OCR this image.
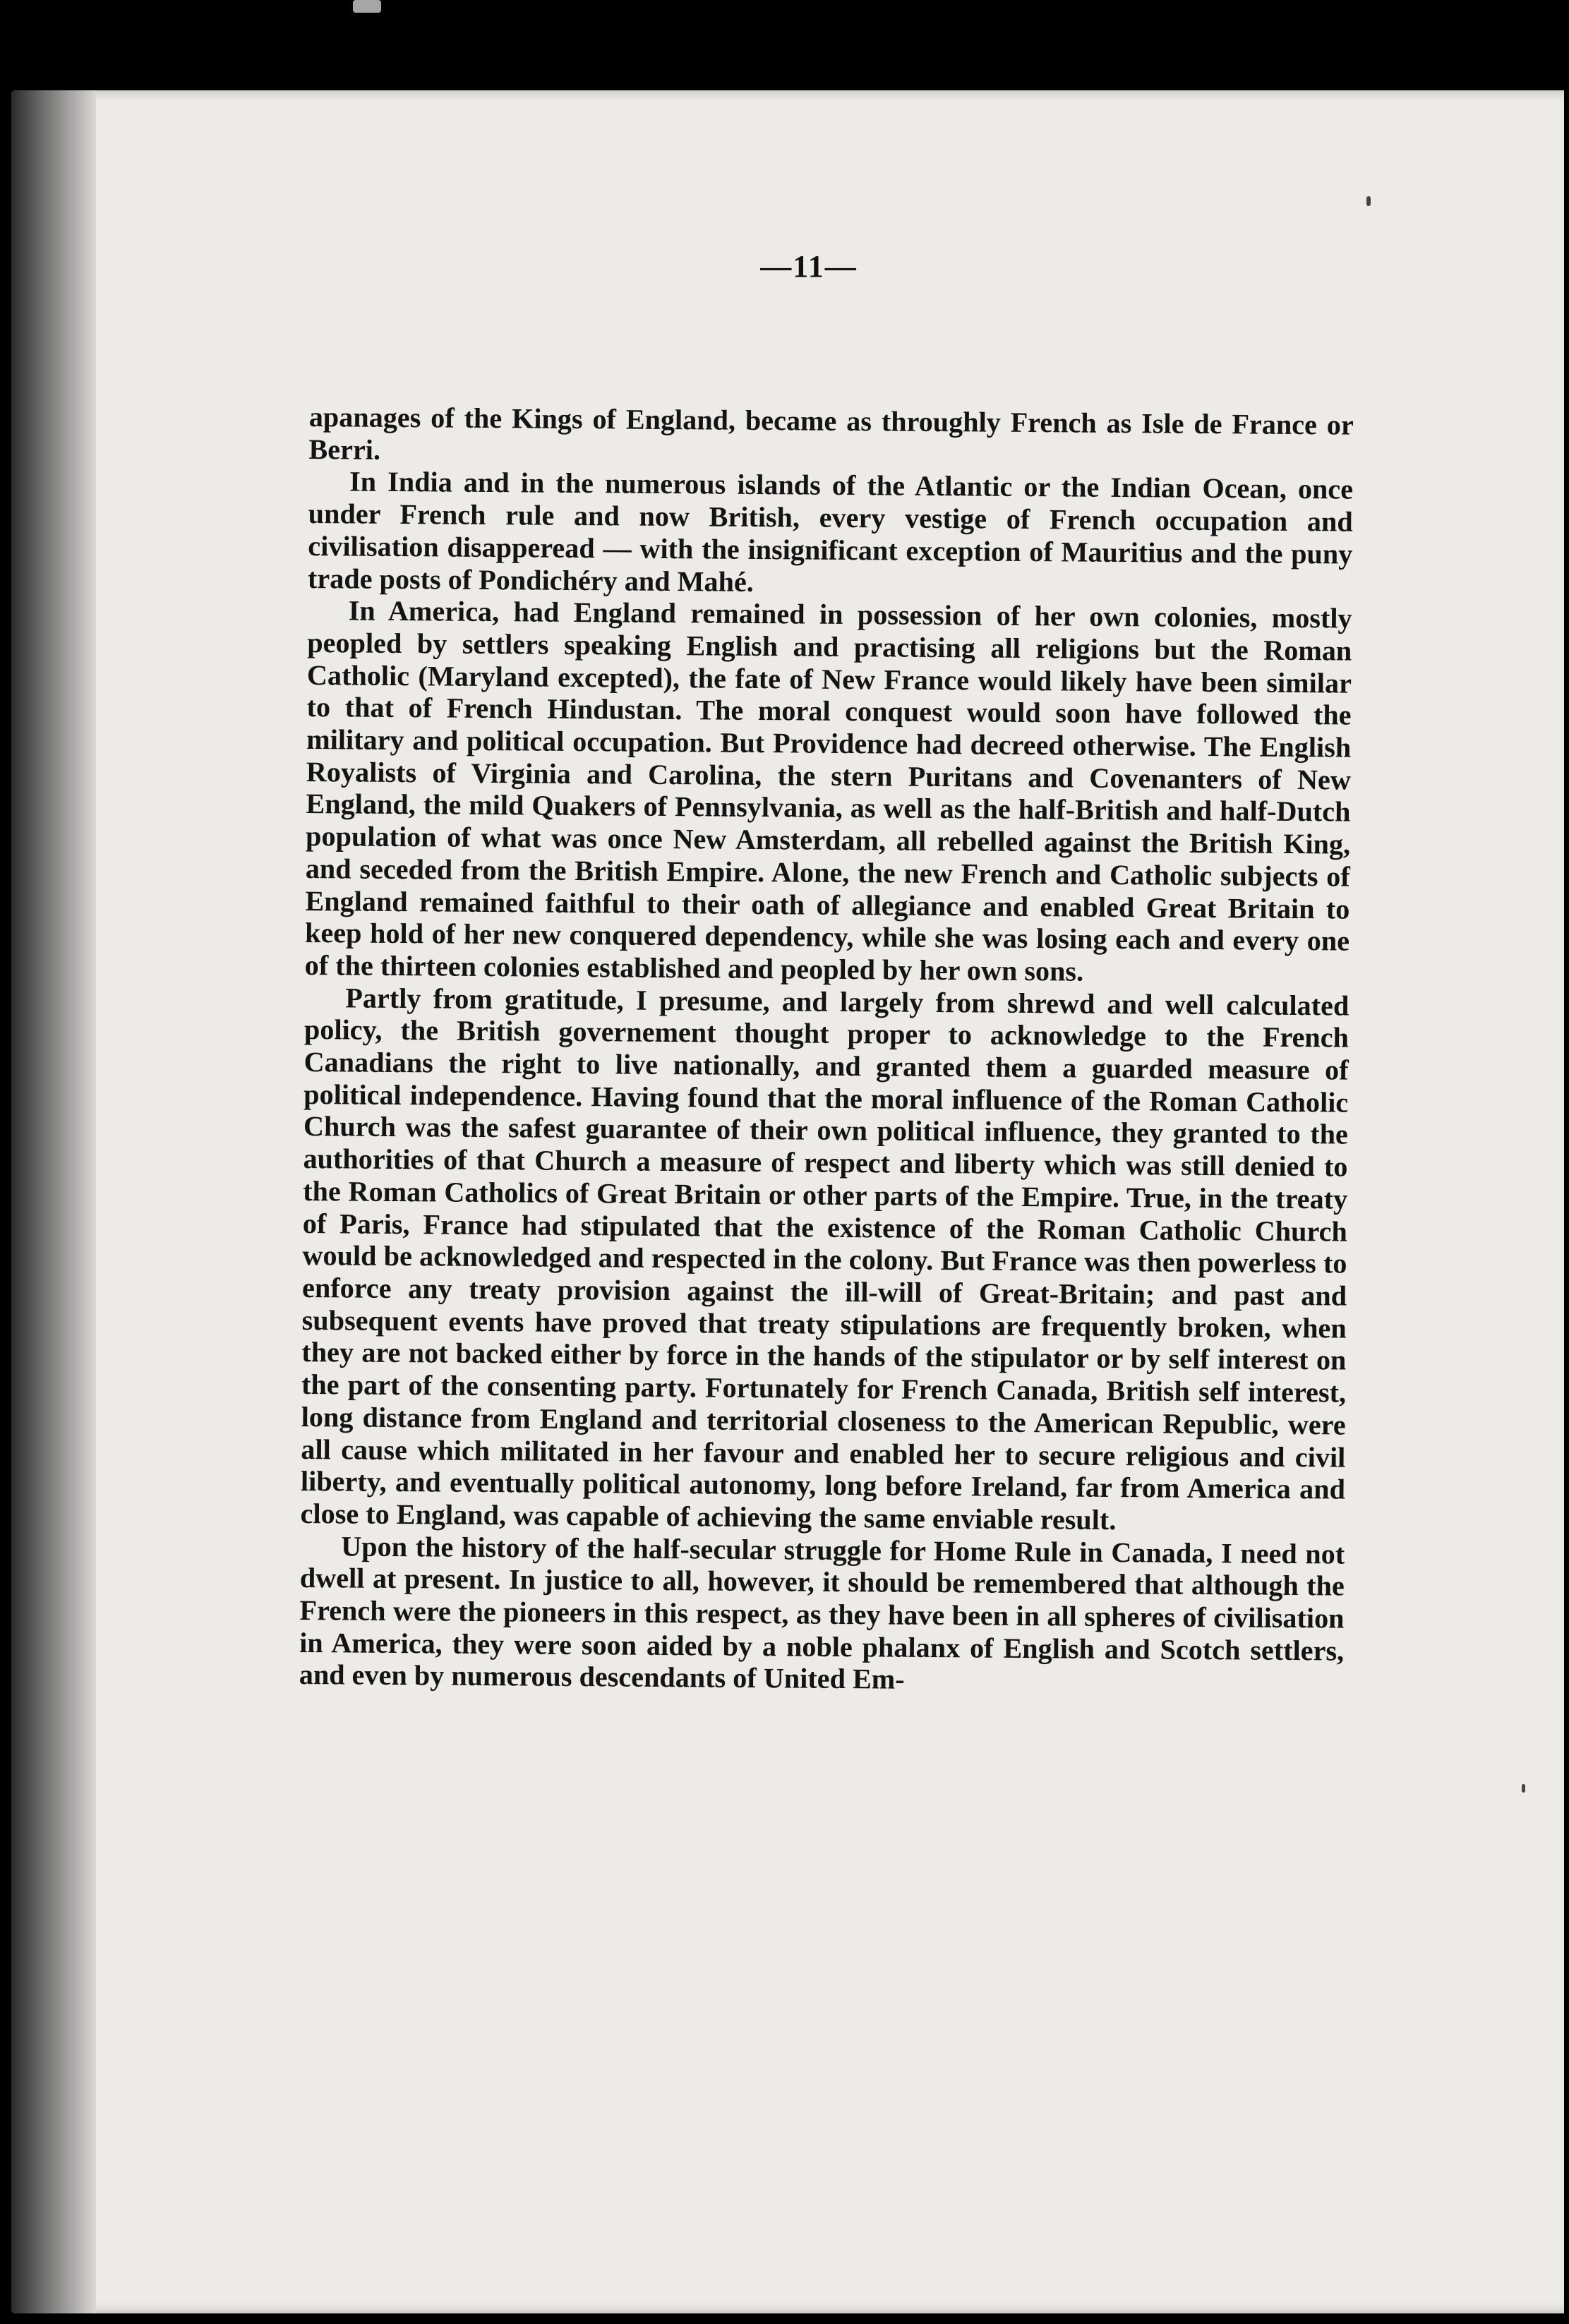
—11—

apanages of the Kings of England, became as throughly French as Isle de France or Berri.

In India and in the numerous islands of the Atlantic or the Indian Ocean, once under French rule and now British, every vestige of French occupation and civilisation disapperead — with the insignificant exception of Mauritius and the puny trade posts of Pondichéry and Mahé.

In America, had England remained in possession of her own colonies, mostly peopled by settlers speaking English and practising all religions but the Roman Catholic (Maryland excepted), the fate of New France would likely have been similar to that of French Hindustan. The moral conquest would soon have followed the military and political occupation. But Providence had decreed otherwise. The English Royalists of Virginia and Carolina, the stern Puritans and Covenanters of New England, the mild Quakers of Pennsylvania, as well as the half-British and half-Dutch population of what was once New Amsterdam, all rebelled against the British King, and seceded from the British Empire. Alone, the new French and Catholic subjects of England remained faithful to their oath of allegiance and enabled Great Britain to keep hold of her new conquered dependency, while she was losing each and every one of the thirteen colonies established and peopled by her own sons.

Partly from gratitude, I presume, and largely from shrewd and well calculated policy, the British governement thought proper to acknowledge to the French Canadians the right to live nationally, and granted them a guarded measure of political independence. Having found that the moral influence of the Roman Catholic Church was the safest guarantee of their own political influence, they granted to the authorities of that Church a measure of respect and liberty which was still denied to the Roman Catholics of Great Britain or other parts of the Empire. True, in the treaty of Paris, France had stipulated that the existence of the Roman Catholic Church would be acknowledged and respected in the colony. But France was then powerless to enforce any treaty provision against the ill-will of Great-Britain; and past and subsequent events have proved that treaty stipulations are frequently broken, when they are not backed either by force in the hands of the stipulator or by self interest on the part of the consenting party. Fortunately for French Canada, British self interest, long distance from England and territorial closeness to the American Republic, were all cause which militated in her favour and enabled her to secure religious and civil liberty, and eventually political autonomy, long before Ireland, far from America and close to England, was capable of achieving the same enviable result.

Upon the history of the half-secular struggle for Home Rule in Canada, I need not dwell at present. In justice to all, however, it should be remembered that although the French were the pioneers in this respect, as they have been in all spheres of civilisation in America, they were soon aided by a noble phalanx of English and Scotch settlers, and even by numerous descendants of United Em-
